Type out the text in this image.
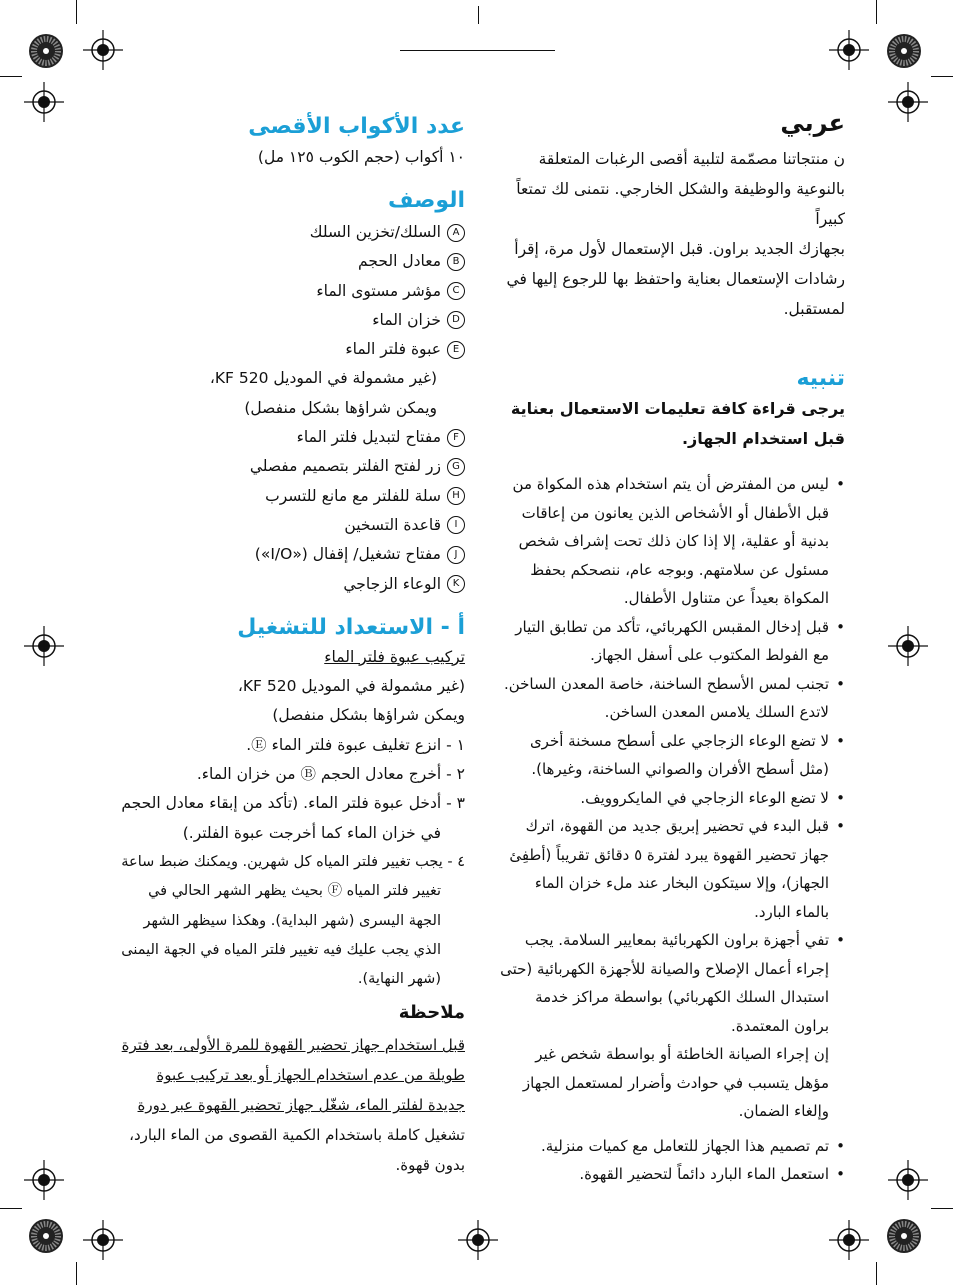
عربي
ن منتجاتنا مصمّمة لتلبية أقصى الرغبات المتعلقة
بالنوعية والوظيفة والشكل الخارجي. نتمنى لك تمتعاً كبيراً
بجهازك الجديد براون. قبل الإستعمال لأول مرة، إقرأ
رشادات الإستعمال بعناية واحتفظ بها للرجوع إليها في
لمستقبل.
تنبيه
يرجى قراءة كافة تعليمات الاستعمال بعناية
قبل استخدام الجهاز.
• ليس من المفترض أن يتم استخدام هذه المكواة من قبل الأطفال أو الأشخاص الذين يعانون من إعاقات بدنية أو عقلية، إلا إذا كان ذلك تحت إشراف شخص مسئول عن سلامتهم. وبوجه عام، ننصحكم بحفظ المكواة بعيداً عن متناول الأطفال.
• قبل إدخال المقبس الكهربائي، تأكد من تطابق التيار مع الفولط المكتوب على أسفل الجهاز.
• تجنب لمس الأسطح الساخنة، خاصة المعدن الساخن. لاتدع السلك يلامس المعدن الساخن.
• لا تضع الوعاء الزجاجي على أسطح مسخنة أخرى (مثل أسطح الأفران والصواني الساخنة، وغيرها).
• لا تضع الوعاء الزجاجي في المايكروويف.
• قبل البدء في تحضير إبريق جديد من القهوة، اترك جهاز تحضير القهوة يبرد لفترة ٥ دقائق تقريباً (أطفِئ الجهاز)، وإلا سيتكون البخار عند ملء خزان الماء بالماء البارد.
• تفي أجهزة براون الكهربائية بمعايير السلامة. يجب إجراء أعمال الإصلاح والصيانة للأجهزة الكهربائية (حتى استبدال السلك الكهربائي) بواسطة مراكز خدمة براون المعتمدة.
إن إجراء الصيانة الخاطئة أو بواسطة شخص غير مؤهل يتسبب في حوادث وأضرار لمستعمل الجهاز وإلغاء الضمان.
• تم تصميم هذا الجهاز للتعامل مع كميات منزلية.
• استعمل الماء البارد دائماً لتحضير القهوة.
عدد الأكواب الأقصى
١٠ أكواب (حجم الكوب ١٢٥ مل)
الوصف
Aالسلك/تخزين السلك
Bمعادل الحجم
Cمؤشر مستوى الماء
Dخزان الماء
Eعبوة فلتر الماء
(غير مشمولة في الموديل KF 520،
ويمكن شراؤها بشكل منفصل)
Fمفتاح لتبديل فلتر الماء
Gزر لفتح الفلتر بتصميم مفصلي
Hسلة للفلتر مع مانع للتسرب
Iقاعدة التسخين
Jمفتاح تشغيل/ إقفال («I/O»)
Kالوعاء الزجاجي
أ - الاستعداد للتشغيل
تركيب عبوة فلتر الماء
(غير مشمولة في الموديل KF 520،
ويمكن شراؤها بشكل منفصل)
١ - انزع تغليف عبوة فلتر الماء Ⓔ.
٢ - أخرج معادل الحجم Ⓑ من خزان الماء.
٣ - أدخل عبوة فلتر الماء. (تأكد من إبقاء معادل الحجم
في خزان الماء كما أخرجت عبوة الفلتر.)
٤ - يجب تغيير فلتر المياه كل شهرين. ويمكنك ضبط ساعة
تغيير فلتر المياه Ⓕ بحيث يظهر الشهر الحالي في
الجهة اليسرى (شهر البداية). وهكذا سيظهر الشهر
الذي يجب عليك فيه تغيير فلتر المياه في الجهة اليمنى
(شهر النهاية).
ملاحظة
قبل استخدام جهاز تحضير القهوة للمرة الأولى، بعد فترة
طويلة من عدم استخدام الجهاز أو بعد تركيب عبوة
جديدة لفلتر الماء، شغّل جهاز تحضير القهوة عبر دورة
تشغيل كاملة باستخدام الكمية القصوى من الماء البارد،
بدون قهوة.
